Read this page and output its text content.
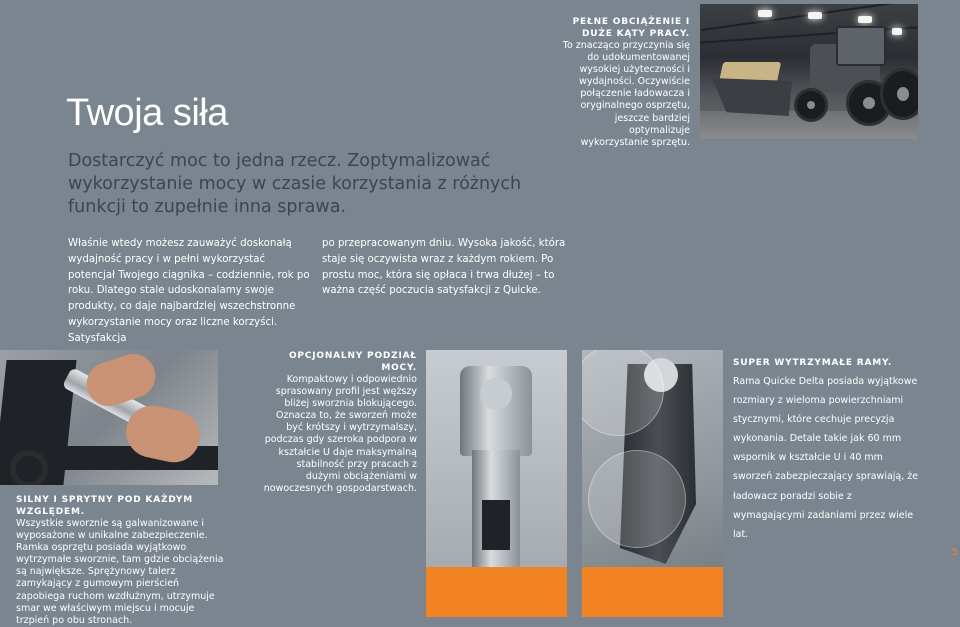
Twoja siła

Dostarczyć moc to jedna rzecz. Zoptymalizować wykorzystanie mocy w czasie korzystania z różnych funkcji to zupełnie inna sprawa.

Właśnie wtedy możesz zauważyć doskonałą wydajność pracy i w pełni wykorzystać potencjał Twojego ciągnika – codziennie, rok po roku. Dlatego stale udoskonalamy swoje produkty, co daje najbardziej wszechstronne wykorzystanie mocy oraz liczne korzyści. Satysfakcja

po przepracowanym dniu. Wysoka jakość, która staje się oczywista wraz z każdym rokiem. Po prostu moc, która się opłaca i trwa dłużej – to ważna część poczucia satysfakcji z Quicke.

PEŁNE OBCIĄŻENIE I
DUŻE KĄTY PRACY.
To znacząco przyczynia się do udokumentowanej wysokiej użyteczności i wydajności. Oczywiście połączenie ładowacza i oryginalnego osprzętu, jeszcze bardziej optymalizuje wykorzystanie sprzętu.
OPCJONALNY PODZIAŁ MOCY.
Kompaktowy i odpowiednio sprasowany profil jest węższy bliżej sworznia blokującego. Oznacza to, że sworzeń może być krótszy i wytrzymalszy, podczas gdy szeroka podpora w kształcie U daje maksymalną stabilność przy pracach z dużymi obciążeniami w nowoczesnych gospodarstwach.
SUPER WYTRZYMAŁE RAMY. Rama Quicke Delta posiada wyjątkowe rozmiary z wieloma powierzchniami stycznymi, które cechuje precyzja wykonania. Detale takie jak 60 mm wspornik w kształcie U i 40 mm sworzeń zabezpieczający sprawiają, że ładowacz poradzi sobie z wymagającymi zadaniami przez wiele lat.
SILNY I SPRYTNY POD KAŻDYM WZGLĘDEM.
Wszystkie sworznie są galwanizowane i wyposażone w unikalne zabezpieczenie. Ramka osprzętu posiada wyjątkowo wytrzymałe sworznie, tam gdzie obciążenia są największe. Sprężynowy talerz zamykający z gumowym pierścień zapobiega ruchom wzdłużnym, utrzymuje smar we właściwym miejscu i mocuje trzpień po obu stronach.
5
